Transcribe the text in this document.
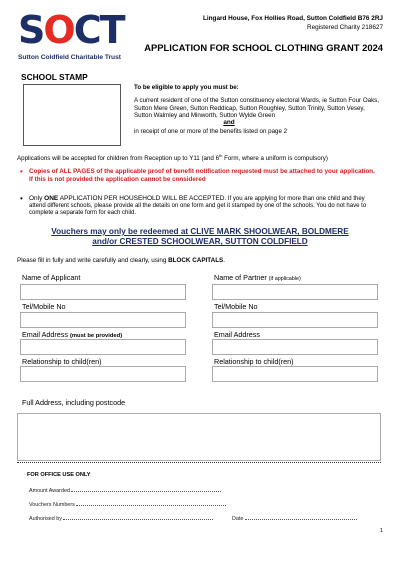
SOCT
Sutton Coldfield Charitable Trust
Lingard House, Fox Hollies Road, Sutton Coldfield B76 2RJ
Registered Charity 218627
APPLICATION FOR SCHOOL CLOTHING GRANT 2024
SCHOOL STAMP
To be eligible to apply you must be:
A current resident of one of the Sutton constituency electoral Wards, ie Sutton Four Oaks, Sutton Mere Green, Sutton Reddicap, Sutton Roughley, Sutton Trinity, Sutton Vesey, Sutton Walmley and Minworth, Sutton Wylde Green
and
in receipt of one or more of the benefits listed on page 2
Applications will be accepted for children from Reception up to Y11 (and 6th Form, where a uniform is compulsory)
• Copies of ALL PAGES of the applicable proof of benefit notification requested must be attached to your application. If this is not provided the application cannot be considered
• Only ONE APPLICATION PER HOUSEHOLD WILL BE ACCEPTED. If you are applying for more than one child and they attend different schools, please provide all the details on one form and get it stamped by one of the schools. You do not have to complete a separate form for each child.
Vouchers may only be redeemed at CLIVE MARK SHOOLWEAR, BOLDMERE
and/or CRESTED SCHOOLWEAR, SUTTON COLDFIELD
Please fill in fully and write carefully and clearly, using BLOCK CAPITALS.
Name of Applicant	Name of Partner (if applicable)
Tel/Mobile No	Tel/Mobile No
Email Address (must be provided)	Email Address
Relationship to child(ren)	Relationship to child(ren)
Full Address, including postcode
FOR OFFICE USE ONLY
Amount Awarded
Vouchers Numbers
Authorised by	Date
1
